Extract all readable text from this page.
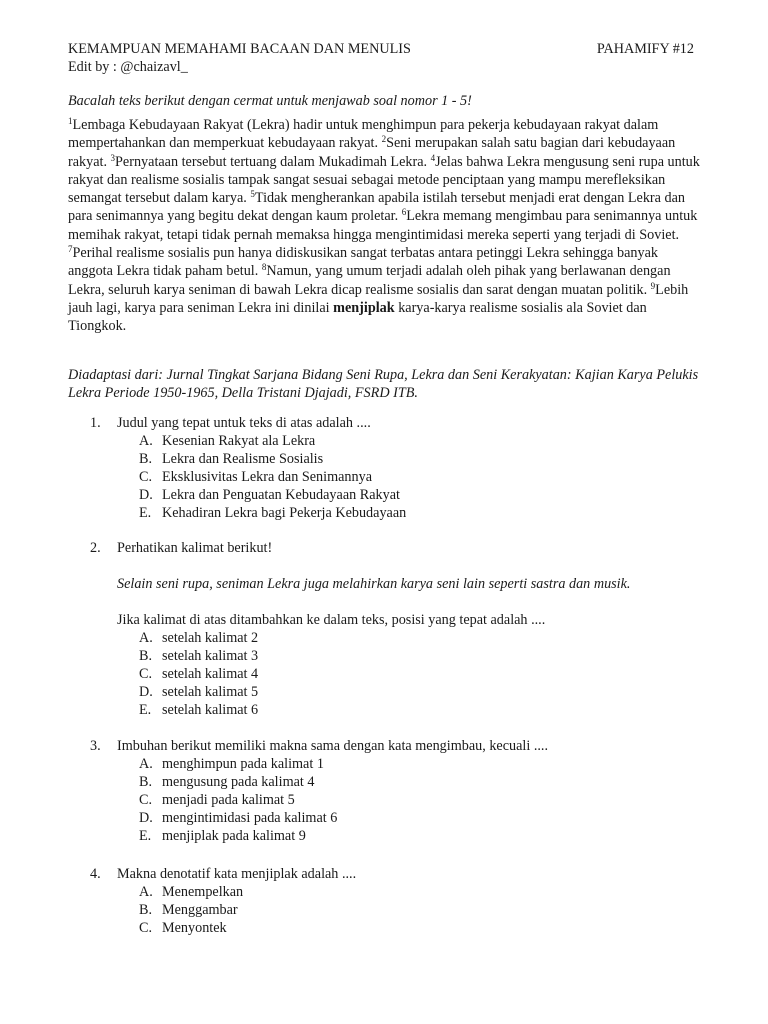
KEMAMPUAN MEMAHAMI BACAAN DAN MENULIS	PAHAMIFY #12
Edit by : @chaizavl_
Bacalah teks berikut dengan cermat untuk menjawab soal nomor 1 - 5!
$^1$Lembaga Kebudayaan Rakyat (Lekra) hadir untuk menghimpun para pekerja kebudayaan rakyat dalam mempertahankan dan memperkuat kebudayaan rakyat. $^2$Seni merupakan salah satu bagian dari kebudayaan rakyat. $^3$Pernyataan tersebut tertuang dalam Mukadimah Lekra. $^4$Jelas bahwa Lekra mengusung seni rupa untuk rakyat dan realisme sosialis tampak sangat sesuai sebagai metode penciptaan yang mampu merefleksikan semangat tersebut dalam karya. $^5$Tidak mengherankan apabila istilah tersebut menjadi erat dengan Lekra dan para senimannya yang begitu dekat dengan kaum proletar. $^6$Lekra memang mengimbau para senimannya untuk memihak rakyat, tetapi tidak pernah memaksa hingga mengintimidasi mereka seperti yang terjadi di Soviet. $^7$Perihal realisme sosialis pun hanya didiskusikan sangat terbatas antara petinggi Lekra sehingga banyak anggota Lekra tidak paham betul. $^8$Namun, yang umum terjadi adalah oleh pihak yang berlawanan dengan Lekra, seluruh karya seniman di bawah Lekra dicap realisme sosialis dan sarat dengan muatan politik. $^9$Lebih jauh lagi, karya para seniman Lekra ini dinilai menjiplak karya-karya realisme sosialis ala Soviet dan Tiongkok.
Diadaptasi dari: Jurnal Tingkat Sarjana Bidang Seni Rupa, Lekra dan Seni Kerakyatan: Kajian Karya Pelukis Lekra Periode 1950-1965, Della Tristani Djajadi, FSRD ITB.
1. Judul yang tepat untuk teks di atas adalah ....
A. Kesenian Rakyat ala Lekra
B. Lekra dan Realisme Sosialis
C. Eksklusivitas Lekra dan Senimannya
D. Lekra dan Penguatan Kebudayaan Rakyat
E. Kehadiran Lekra bagi Pekerja Kebudayaan
2. Perhatikan kalimat berikut!
Selain seni rupa, seniman Lekra juga melahirkan karya seni lain seperti sastra dan musik.
Jika kalimat di atas ditambahkan ke dalam teks, posisi yang tepat adalah ....
A. setelah kalimat 2
B. setelah kalimat 3
C. setelah kalimat 4
D. setelah kalimat 5
E. setelah kalimat 6
3. Imbuhan berikut memiliki makna sama dengan kata mengimbau, kecuali ....
A. menghimpun pada kalimat 1
B. mengusung pada kalimat 4
C. menjadi pada kalimat 5
D. mengintimidasi pada kalimat 6
E. menjiplak pada kalimat 9
4. Makna denotatif kata menjiplak adalah ....
A. Menempelkan
B. Menggambar
C. Menyontek
